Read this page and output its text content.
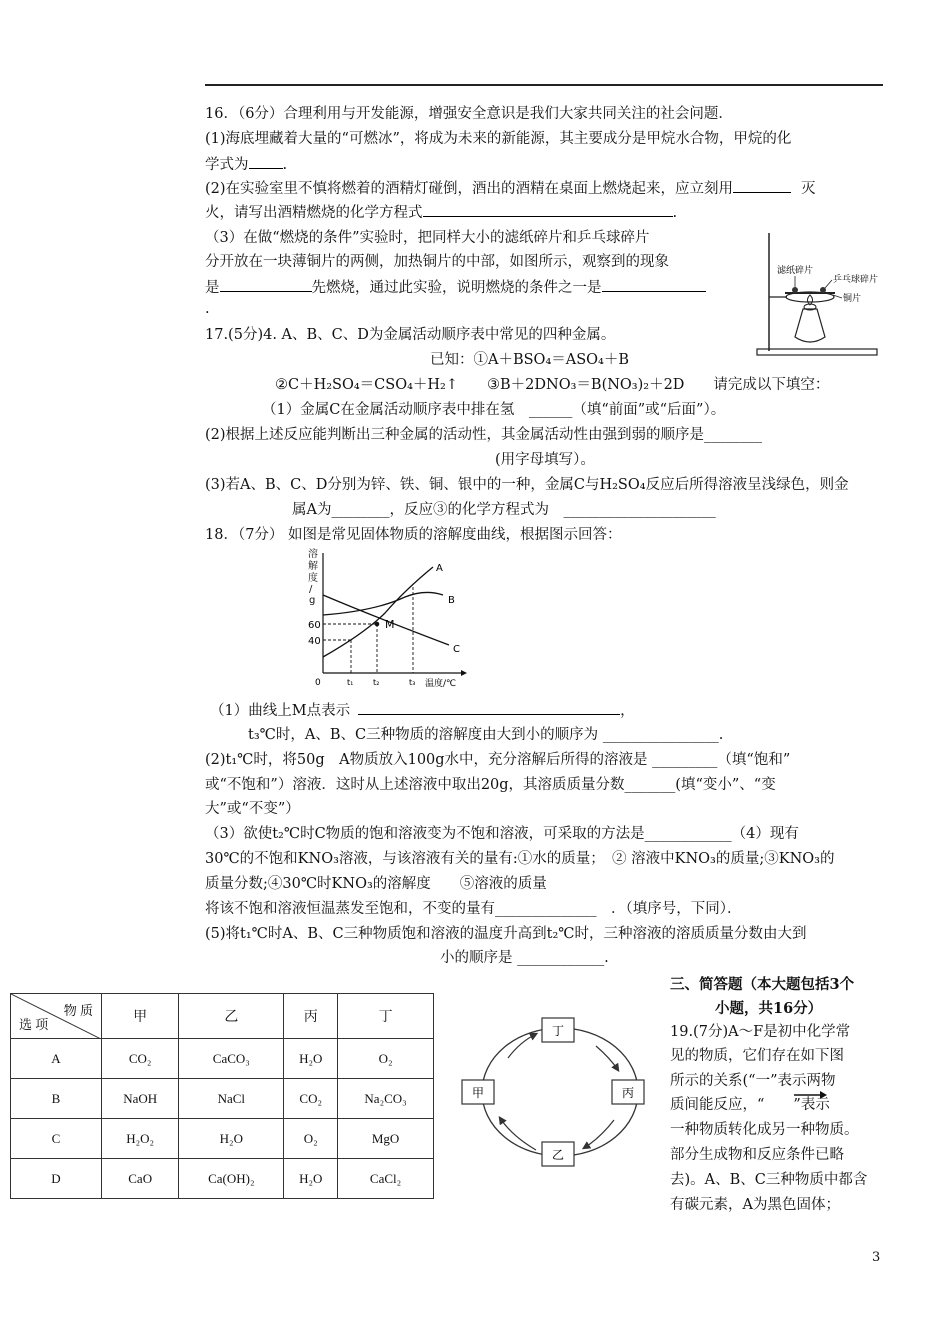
16．（6分）合理利用与开发能源，增强安全意识是我们大家共同关注的社会问题．
(1)海底埋藏着大量的“可燃冰”，将成为未来的新能源，其主要成分是甲烷水合物，甲烷的化
学式为 .
(2)在实验室里不慎将燃着的酒精灯碰倒，酒出的酒精在桌面上燃烧起来，应立刻用	灭
火，请写出酒精燃烧的化学方程式	.
（3）在做“燃烧的条件”实验时，把同样大小的滤纸碎片和乒乓球碎片
分开放在一块薄铜片的两侧，加热铜片的中部，如图所示，观察到的现象
是	先燃烧，通过此实验，说明燃烧的条件之一是
.
滤纸碎片
乒乓球碎片
铜片
17.(5分)4. A、B、C、D为金属活动顺序表中常见的四种金属。
已知：①A＋BSO₄＝ASO₄＋B
②C＋H₂SO₄＝CSO₄＋H₂↑　　③B＋2DNO₃＝B(NO₃)₂＋2D　　请完成以下填空：
（1）金属C在金属活动顺序表中排在氢　______（填“前面”或“后面”）。
(2)根据上述反应能判断出三种金属的活动性，其金属活动性由强到弱的顺序是________
(用字母填写）。
(3)若A、B、C、D分别为锌、铁、铜、银中的一种，金属C与H₂SO₄反应后所得溶液呈浅绿色，则金
属A为________，反应③的化学方程式为　_____________________
18．（7分） 如图是常见固体物质的溶解度曲线，根据图示回答：
溶
解
度
/
g
A
B
C
M
60
40
0	t₁ t₂	t₃ 温度/℃
（1）曲线上M点表示	，
t₃℃时，A、B、C三种物质的溶解度由大到小的顺序为 ________________.
(2)t₁℃时，将50g　A物质放入100g水中，充分溶解后所得的溶液是 _________（填“饱和”
或“不饱和”）溶液．这时从上述溶液中取出20g，其溶质质量分数_______(填“变小”、“变
大”或“不变”）
（3）欲使t₂℃时C物质的饱和溶液变为不饱和溶液，可采取的方法是____________（4）现有
30℃的不饱和KNO₃溶液，与该溶液有关的量有:①水的质量；　② 溶液中KNO₃的质量;③KNO₃的
质量分数;④30℃时KNO₃的溶解度　　⑤溶液的质量
将该不饱和溶液恒温蒸发至饱和，不变的量有______________　．（填序号，下同）．
(5)将t₁℃时A、B、C三种物质饱和溶液的温度升高到t₂℃时，三种溶液的溶质质量分数由大到
小的顺序是 ____________.
三、简答题（本大题包括3个
小题，共16分）
19.(7分)A～F是初中化学常
见的物质，它们存在如下图
所示的关系(“一”表示两物
质间能反应，“　　”表示
一种物质转化成另一种物质。
部分生成物和反应条件已略
去)。A、B、C三种物质中都含
有碳元素，A为黑色固体；
物 质
选 项	甲	乙	丙	丁
A	CO₂	CaCO₃	H₂O	O₂
B	NaOH	NaCl	CO₂	Na₂CO₃
C	H₂O₂	H₂O	O₂	MgO
D	CaO	Ca(OH)₂	H₂O	CaCl₂
丁
甲	丙
乙
3
